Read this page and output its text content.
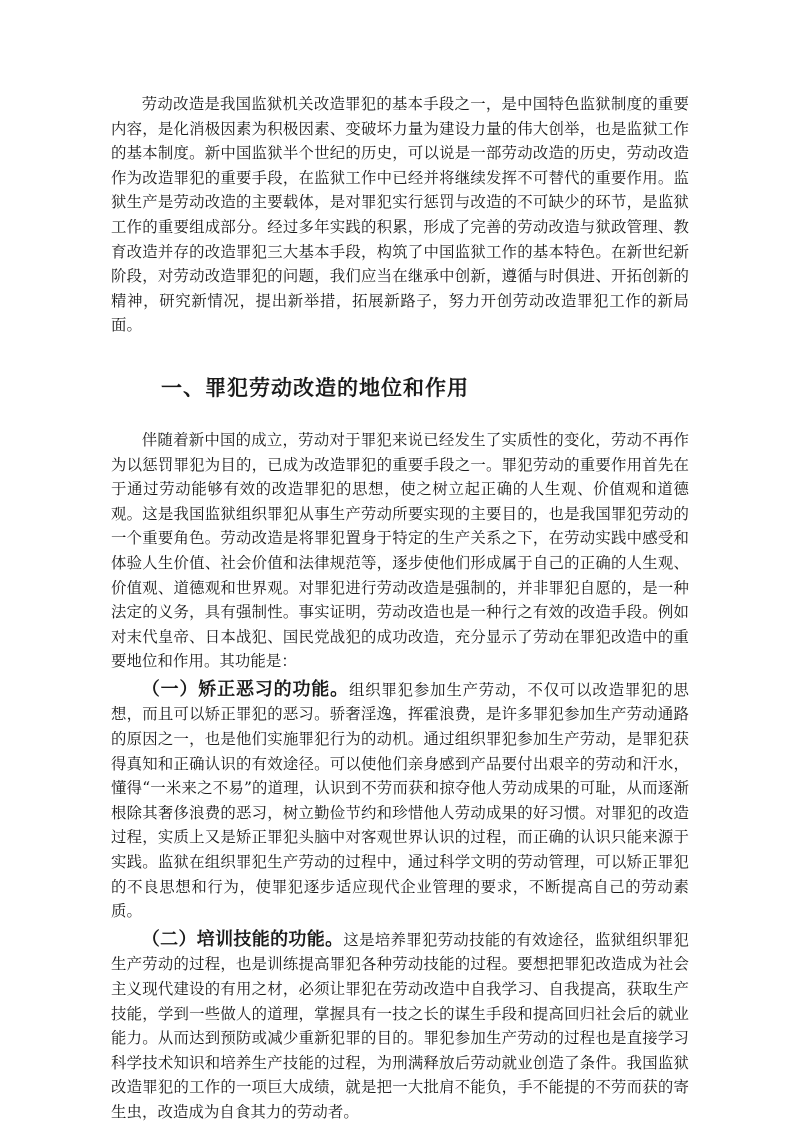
劳动改造是我国监狱机关改造罪犯的基本手段之一，是中国特色监狱制度的重要内容，是化消极因素为积极因素、变破坏力量为建设力量的伟大创举，也是监狱工作的基本制度。新中国监狱半个世纪的历史，可以说是一部劳动改造的历史，劳动改造作为改造罪犯的重要手段，在监狱工作中已经并将继续发挥不可替代的重要作用。监狱生产是劳动改造的主要载体，是对罪犯实行惩罚与改造的不可缺少的环节，是监狱工作的重要组成部分。经过多年实践的积累，形成了完善的劳动改造与狱政管理、教育改造并存的改造罪犯三大基本手段，构筑了中国监狱工作的基本特色。在新世纪新阶段，对劳动改造罪犯的问题，我们应当在继承中创新，遵循与时俱进、开拓创新的精神，研究新情况，提出新举措，拓展新路子，努力开创劳动改造罪犯工作的新局面。

一、罪犯劳动改造的地位和作用

伴随着新中国的成立，劳动对于罪犯来说已经发生了实质性的变化，劳动不再作为以惩罚罪犯为目的，已成为改造罪犯的重要手段之一。罪犯劳动的重要作用首先在于通过劳动能够有效的改造罪犯的思想，使之树立起正确的人生观、价值观和道德观。这是我国监狱组织罪犯从事生产劳动所要实现的主要目的，也是我国罪犯劳动的一个重要角色。劳动改造是将罪犯置身于特定的生产关系之下，在劳动实践中感受和体验人生价值、社会价值和法律规范等，逐步使他们形成属于自己的正确的人生观、价值观、道德观和世界观。对罪犯进行劳动改造是强制的，并非罪犯自愿的，是一种法定的义务，具有强制性。事实证明，劳动改造也是一种行之有效的改造手段。例如对末代皇帝、日本战犯、国民党战犯的成功改造，充分显示了劳动在罪犯改造中的重要地位和作用。其功能是：

（一）矫正恶习的功能。组织罪犯参加生产劳动，不仅可以改造罪犯的思想，而且可以矫正罪犯的恶习。骄奢淫逸，挥霍浪费，是许多罪犯参加生产劳动通路的原因之一，也是他们实施罪犯行为的动机。通过组织罪犯参加生产劳动，是罪犯获得真知和正确认识的有效途径。可以使他们亲身感到产品要付出艰辛的劳动和汗水，懂得“一米来之不易”的道理，认识到不劳而获和掠夺他人劳动成果的可耻，从而逐渐根除其奢侈浪费的恶习，树立勤俭节约和珍惜他人劳动成果的好习惯。对罪犯的改造过程，实质上又是矫正罪犯头脑中对客观世界认识的过程，而正确的认识只能来源于实践。监狱在组织罪犯生产劳动的过程中，通过科学文明的劳动管理，可以矫正罪犯的不良思想和行为，使罪犯逐步适应现代企业管理的要求，不断提高自己的劳动素质。

（二）培训技能的功能。这是培养罪犯劳动技能的有效途径，监狱组织罪犯生产劳动的过程，也是训练提高罪犯各种劳动技能的过程。要想把罪犯改造成为社会主义现代建设的有用之材，必须让罪犯在劳动改造中自我学习、自我提高，获取生产技能，学到一些做人的道理，掌握具有一技之长的谋生手段和提高回归社会后的就业能力。从而达到预防或减少重新犯罪的目的。罪犯参加生产劳动的过程也是直接学习科学技术知识和培养生产技能的过程，为刑满释放后劳动就业创造了条件。我国监狱改造罪犯的工作的一项巨大成绩，就是把一大批肩不能负，手不能提的不劳而获的寄生虫，改造成为自食其力的劳动者。
